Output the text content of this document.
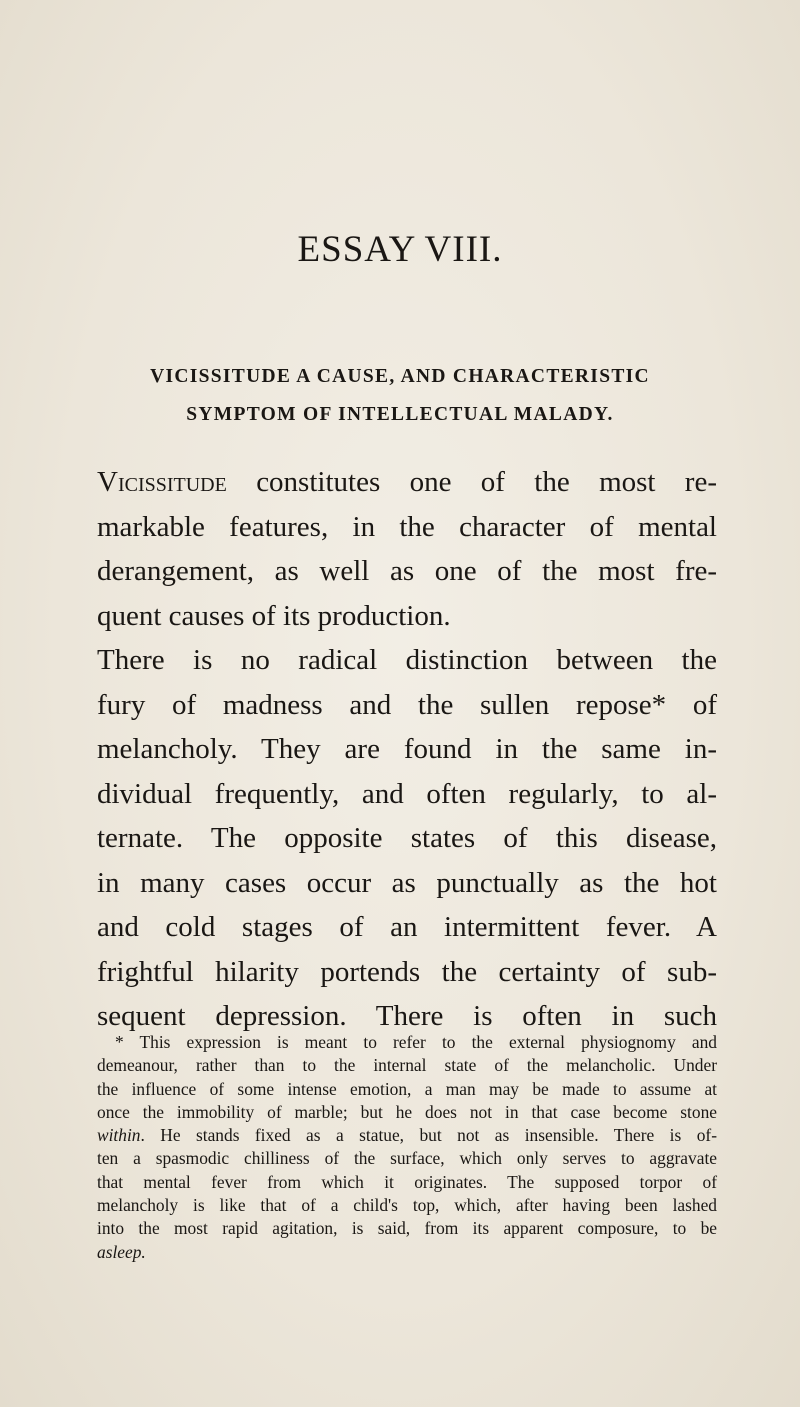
ESSAY VIII.
VICISSITUDE A CAUSE, AND CHARACTERISTIC
SYMPTOM OF INTELLECTUAL MALADY.
Vicissitude constitutes one of the most re-
markable features, in the character of mental
derangement, as well as one of the most fre-
quent causes of its production.
There is no radical distinction between the
fury of madness and the sullen repose* of
melancholy. They are found in the same in-
dividual frequently, and often regularly, to al-
ternate. The opposite states of this disease,
in many cases occur as punctually as the hot
and cold stages of an intermittent fever. A
frightful hilarity portends the certainty of sub-
sequent depression. There is often in such
* This expression is meant to refer to the external physiognomy and
demeanour, rather than to the internal state of the melancholic. Under
the influence of some intense emotion, a man may be made to assume at
once the immobility of marble; but he does not in that case become stone
within. He stands fixed as a statue, but not as insensible. There is of-
ten a spasmodic chilliness of the surface, which only serves to aggravate
that mental fever from which it originates. The supposed torpor of
melancholy is like that of a child's top, which, after having been lashed
into the most rapid agitation, is said, from its apparent composure, to be
asleep.
